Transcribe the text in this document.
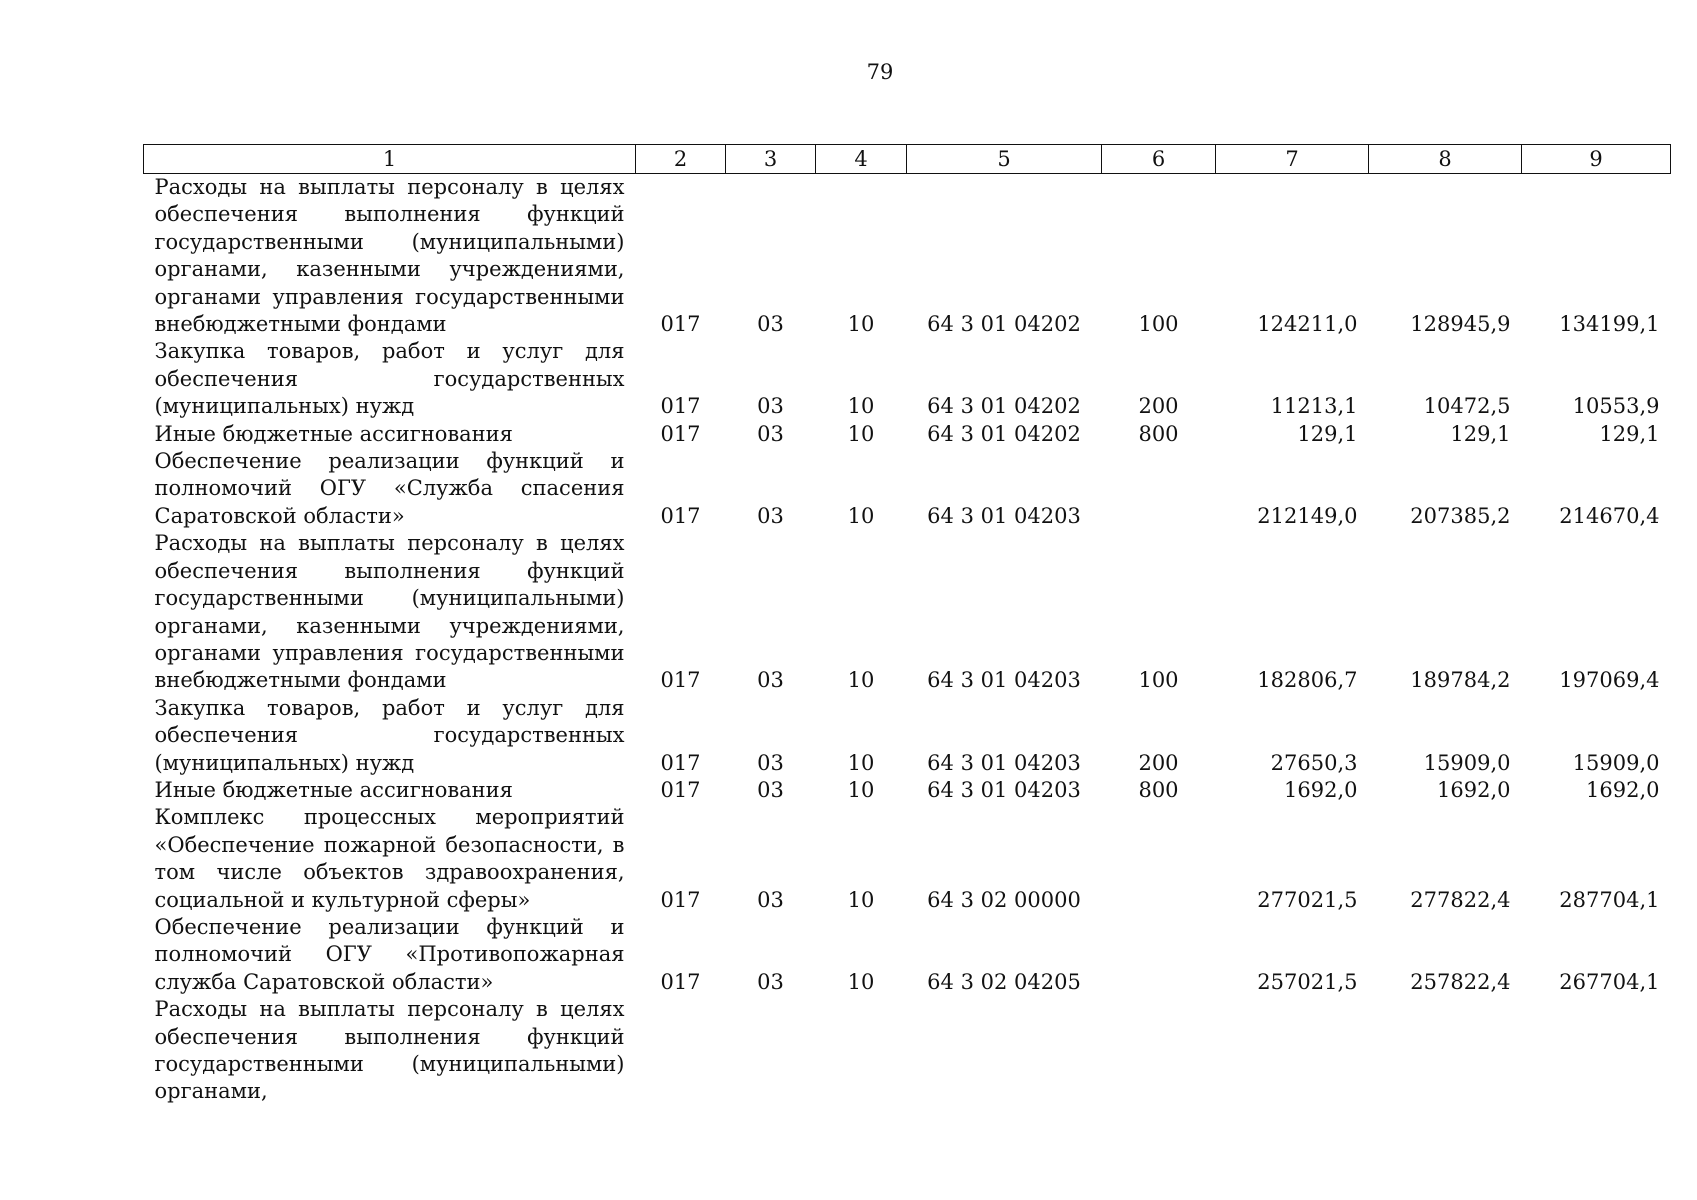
79
1	2	3	4	5	6	7	8	9
Расходы на выплаты персоналу в целях обеспечения выполнения функций государственными (муниципальными) органами, казенными учреждениями, органами управления государственными внебюджетными фондами	017	03	10	64 3 01 04202	100	124211,0	128945,9	134199,1
Закупка товаров, работ и услуг для обеспечения государственных (муниципальных) нужд	017	03	10	64 3 01 04202	200	11213,1	10472,5	10553,9
Иные бюджетные ассигнования	017	03	10	64 3 01 04202	800	129,1	129,1	129,1
Обеспечение реализации функций и полномочий ОГУ «Служба спасения Саратовской области»	017	03	10	64 3 01 04203		212149,0	207385,2	214670,4
Расходы на выплаты персоналу в целях обеспечения выполнения функций государственными (муниципальными) органами, казенными учреждениями, органами управления государственными внебюджетными фондами	017	03	10	64 3 01 04203	100	182806,7	189784,2	197069,4
Закупка товаров, работ и услуг для обеспечения государственных (муниципальных) нужд	017	03	10	64 3 01 04203	200	27650,3	15909,0	15909,0
Иные бюджетные ассигнования	017	03	10	64 3 01 04203	800	1692,0	1692,0	1692,0
Комплекс процессных мероприятий «Обеспечение пожарной безопасности, в том числе объектов здравоохранения, социальной и культурной сферы»	017	03	10	64 3 02 00000		277021,5	277822,4	287704,1
Обеспечение реализации функций и полномочий ОГУ «Противопожарная служба Саратовской области»	017	03	10	64 3 02 04205		257021,5	257822,4	267704,1
Расходы на выплаты персоналу в целях обеспечения выполнения функций государственными (муниципальными) органами,								
